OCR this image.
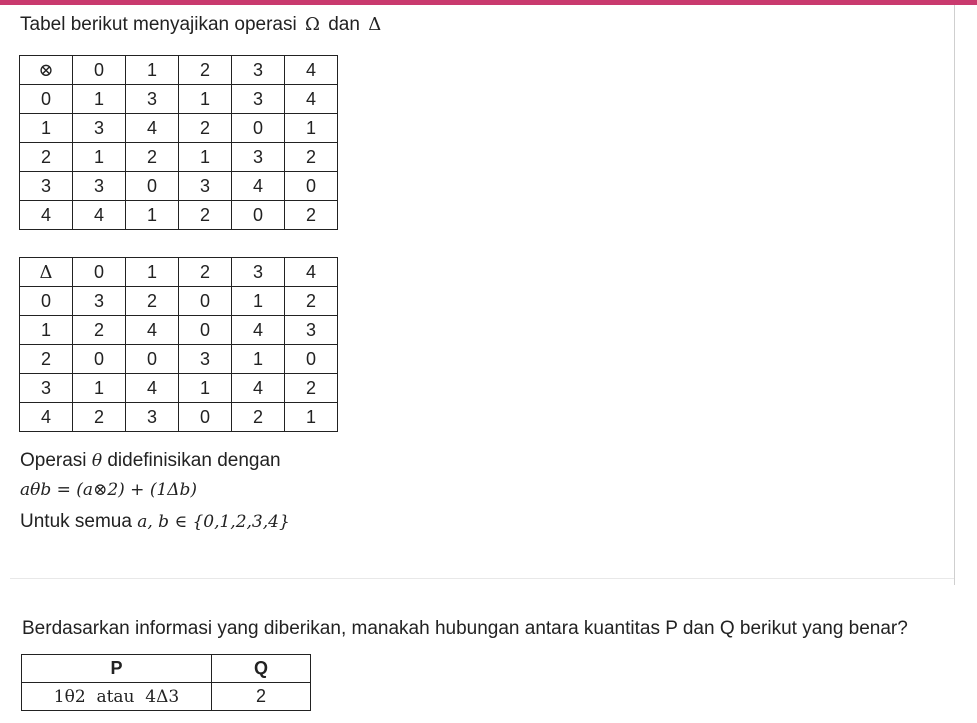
Tabel berikut menyajikan operasi Ω dan Δ
⊗	0	1	2	3	4
0	1	3	1	3	4
1	3	4	2	0	1
2	1	2	1	3	2
3	3	0	3	4	0
4	4	1	2	0	2
Δ	0	1	2	3	4
0	3	2	0	1	2
1	2	4	0	4	3
2	0	0	3	1	0
3	1	4	1	4	2
4	2	3	0	2	1
Operasi θ didefinisikan dengan
aθb = (a⊗2) + (1Δb)
Untuk semua a, b ∈ {0,1,2,3,4}
Berdasarkan informasi yang diberikan, manakah hubungan antara kuantitas P dan Q berikut yang benar?
P	Q
1θ2  atau  4Δ3	2
